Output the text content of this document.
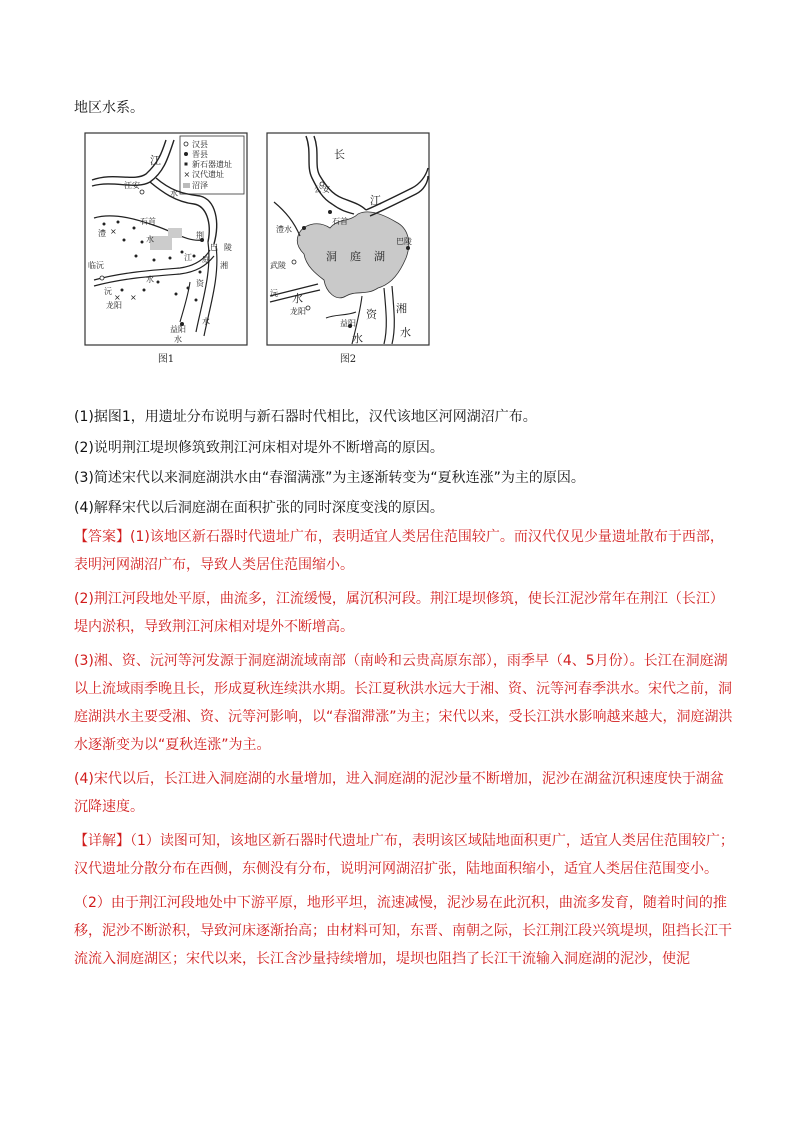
地区水系。
×
汉县
晋县
新石器遗址
汉代遗址
沼泽
×
×
×
江
江安
水
石首
澧
水	荆
巴 陵
江 庭
湘
临沅
水
沅
资
龙阳
益阳
水
水
图1
长
公安
江
石首
澧水
洞 庭 湖
巴陵
武陵
沅 水
龙阳
益阳
资 湘
水	水
图2
(1)据图1，用遗址分布说明与新石器时代相比，汉代该地区河网湖沼广布。
(2)说明荆江堤坝修筑致荆江河床相对堤外不断增高的原因。
(3)简述宋代以来洞庭湖洪水由“春溜满涨”为主逐渐转变为“夏秋连涨”为主的原因。
(4)解释宋代以后洞庭湖在面积扩张的同时深度变浅的原因。

【答案】(1)该地区新石器时代遗址广布，表明适宜人类居住范围较广。而汉代仅见少量遗址散布于西部，表明河网湖沼广布，导致人类居住范围缩小。

(2)荆江河段地处平原，曲流多，江流缓慢，属沉积河段。荆江堤坝修筑，使长江泥沙常年在荆江（长江）堤内淤积，导致荆江河床相对堤外不断增高。

(3)湘、资、沅河等河发源于洞庭湖流域南部（南岭和云贵高原东部），雨季早（4、5月份）。长江在洞庭湖以上流域雨季晚且长，形成夏秋连续洪水期。长江夏秋洪水远大于湘、资、沅等河春季洪水。宋代之前，洞庭湖洪水主要受湘、资、沅等河影响，以“春溜滞涨”为主；宋代以来，受长江洪水影响越来越大，洞庭湖洪水逐渐变为以“夏秋连涨”为主。

(4)宋代以后，长江进入洞庭湖的水量增加，进入洞庭湖的泥沙量不断增加，泥沙在湖盆沉积速度快于湖盆沉降速度。

【详解】（1）读图可知，该地区新石器时代遗址广布，表明该区域陆地面积更广，适宜人类居住范围较广；汉代遗址分散分布在西侧，东侧没有分布，说明河网湖沼扩张，陆地面积缩小，适宜人类居住范围变小。

（2）由于荆江河段地处中下游平原，地形平坦，流速减慢，泥沙易在此沉积，曲流多发育，随着时间的推移，泥沙不断淤积，导致河床逐渐抬高；由材料可知，东晋、南朝之际，长江荆江段兴筑堤坝，阻挡长江干流流入洞庭湖区；宋代以来，长江含沙量持续增加，堤坝也阻挡了长江干流输入洞庭湖的泥沙，使泥
